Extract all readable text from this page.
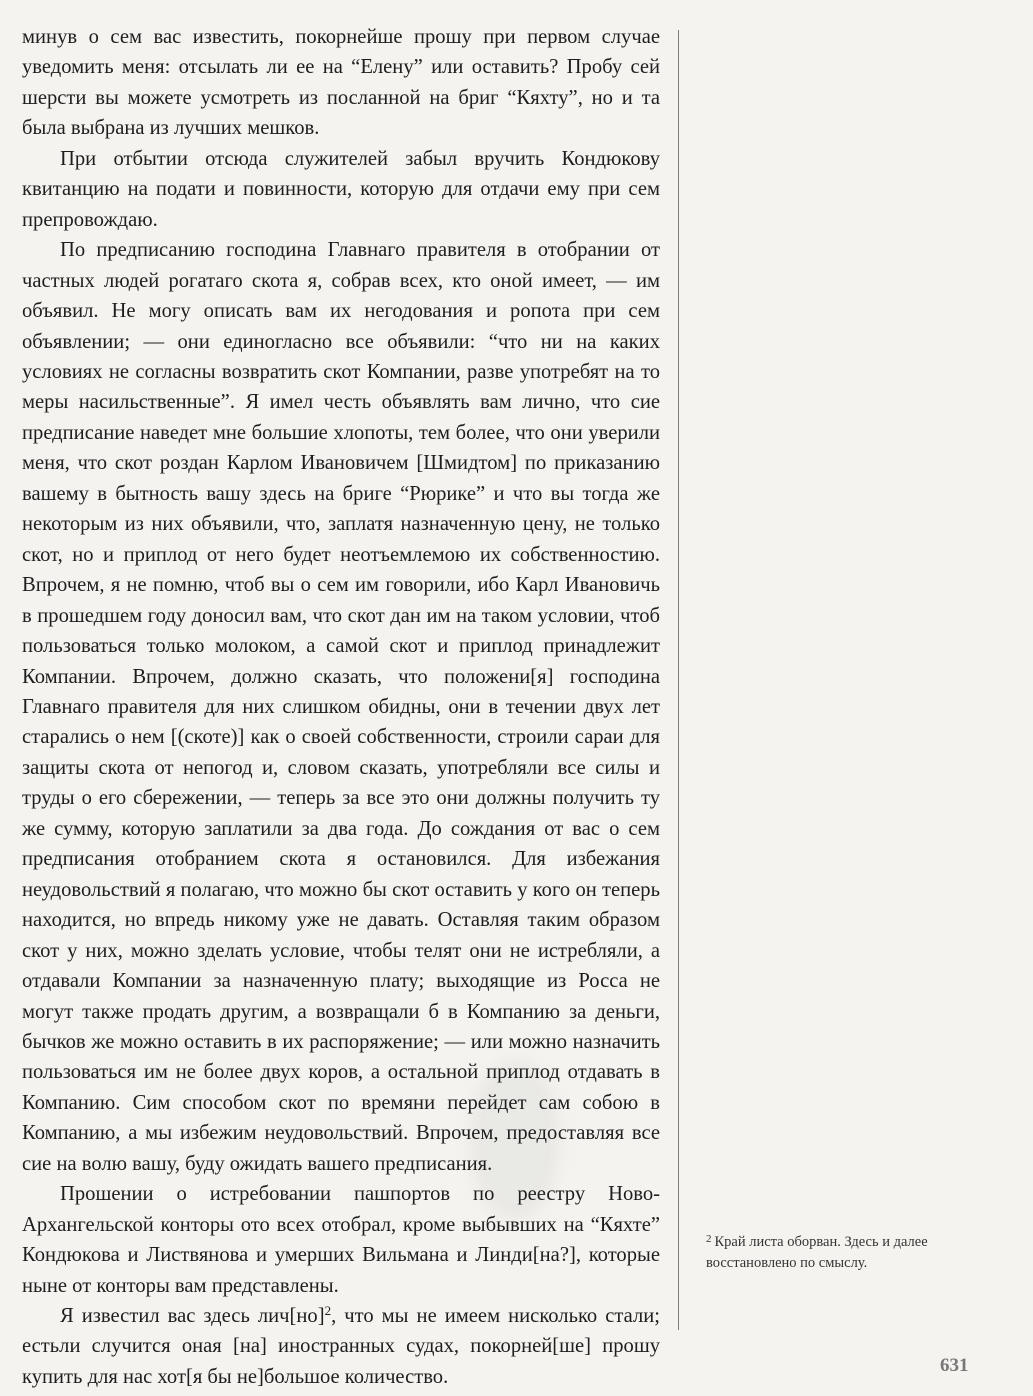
минув о сем вас известить, покорнейше прошу при первом случае уведомить меня: отсылать ли ее на “Елену” или оставить? Пробу сей шерсти вы можете усмотреть из посланной на бриг “Кяхту”, но и та была выбрана из лучших мешков.

При отбытии отсюда служителей забыл вручить Кондюкову квитанцию на подати и повинности, которую для отдачи ему при сем препровождаю.

По предписанию господина Главнаго правителя в отобрании от частных людей рогатаго скота я, собрав всех, кто оной имеет, — им объявил. Не могу описать вам их негодования и ропота при сем объявлении; — они единогласно все объявили: “что ни на каких условиях не согласны возвратить скот Компании, разве употребят на то меры насильственные”. Я имел честь объявлять вам лично, что сие предписание наведет мне большие хлопоты, тем более, что они уверили меня, что скот роздан Карлом Ивановичем [Шмидтом] по приказанию вашему в бытность вашу здесь на бриге “Рюрике” и что вы тогда же некоторым из них объявили, что, заплатя назначенную цену, не только скот, но и приплод от него будет неотъемлемою их собственностию. Впрочем, я не помню, чтоб вы о сем им говорили, ибо Карл Ивановичь в прошедшем году доносил вам, что скот дан им на таком условии, чтоб пользоваться только молоком, а самой скот и приплод принадлежит Компании. Впрочем, должно сказать, что положени[я] господина Главнаго правителя для них слишком обидны, они в течении двух лет старались о нем [(скоте)] как о своей собственности, строили сараи для защиты скота от непогод и, словом сказать, употребляли все силы и труды о его сбережении, — теперь за все это они должны получить ту же сумму, которую заплатили за два года. До сождания от вас о сем предписания отобранием скота я остановился. Для избежания неудовольствий я полагаю, что можно бы скот оставить у кого он теперь находится, но впредь никому уже не давать. Оставляя таким образом скот у них, можно зделать условие, чтобы телят они не истребляли, а отдавали Компании за назначенную плату; выходящие из Росса не могут также продать другим, а возвращали б в Компанию за деньги, бычков же можно оставить в их распоряжение; — или можно назначить пользоваться им не более двух коров, а остальной приплод отдавать в Компанию. Сим способом скот по времяни перейдет сам собою в Компанию, а мы избежим неудовольствий. Впрочем, предоставляя все сие на волю вашу, буду ожидать вашего предписания.

Прошении о истребовании пашпортов по реестру Ново-Архангельской конторы ото всех отобрал, кроме выбывших на “Кяхте” Кондюкова и Листвянова и умерших Вильмана и Линди[на?], которые ныне от конторы вам представлены.

Я известил вас здесь лич[но]$^2$, что мы не имеем нисколько стали; естьли случится оная [на] иностранных судах, покорней[ше] прошу купить для нас хот[я бы не]большое количество.

$^2$ Край листа оборван. Здесь и далее восстановлено по смыслу.
631
